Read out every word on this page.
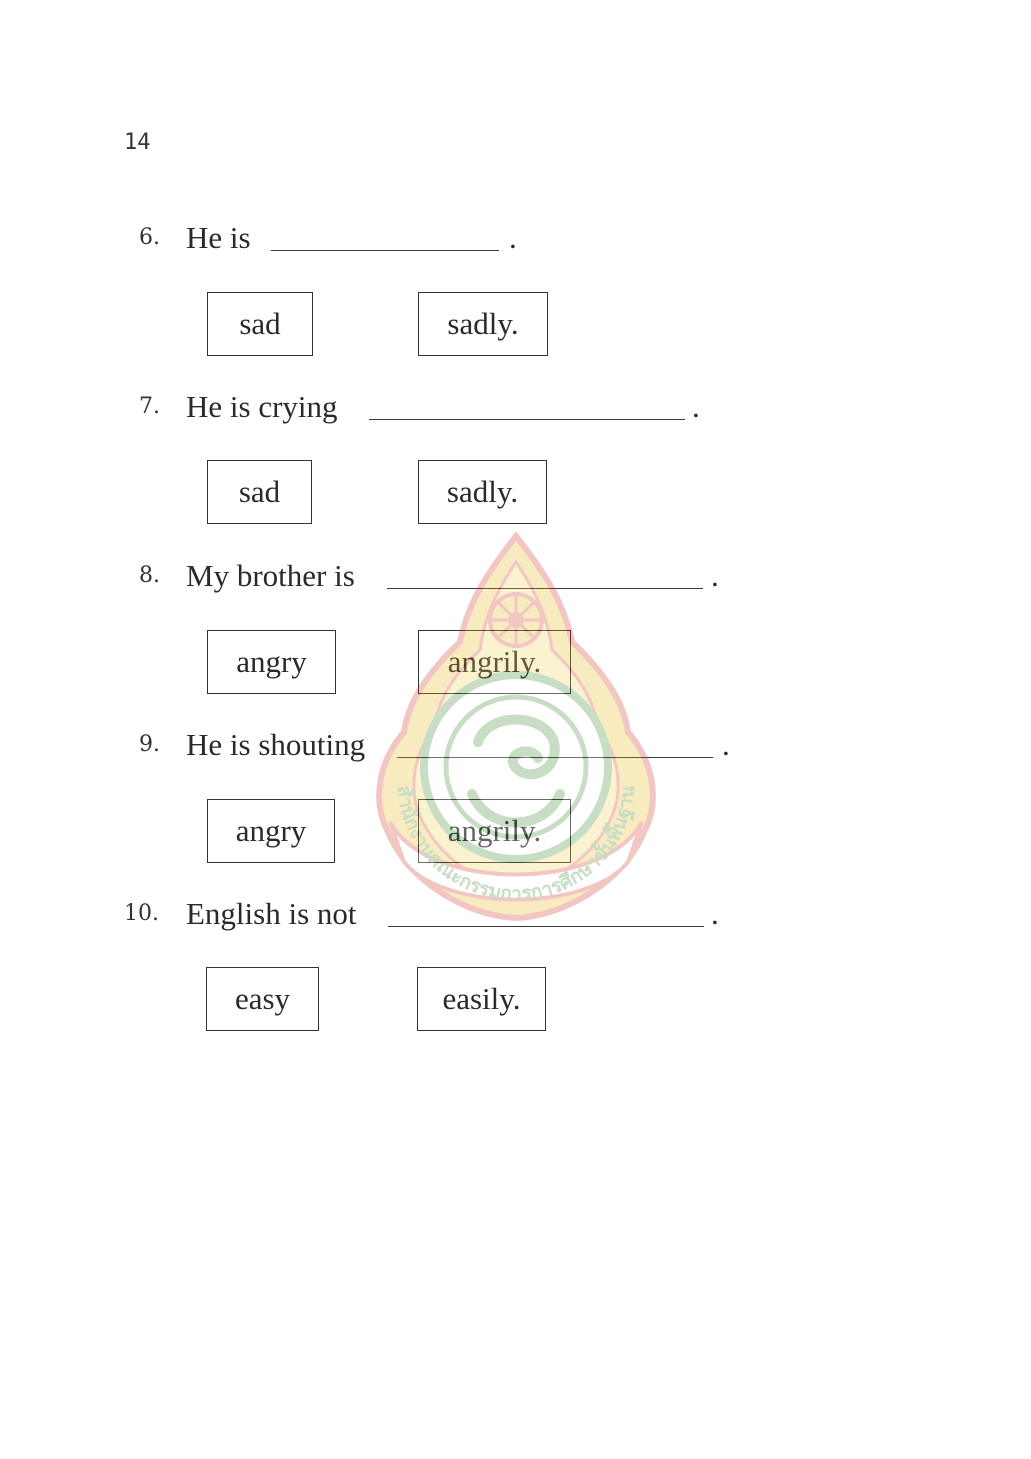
14
6. He is	.
sad	sadly.
7. He is crying	.
sad	sadly.
8. My brother is	.
angry	angrily.
9. He is shouting	.
angry	angrily.
10. English is not	.
easy	easily.
สำนักงานคณะกรรมการการศึกษาขั้นพื้นฐาน
